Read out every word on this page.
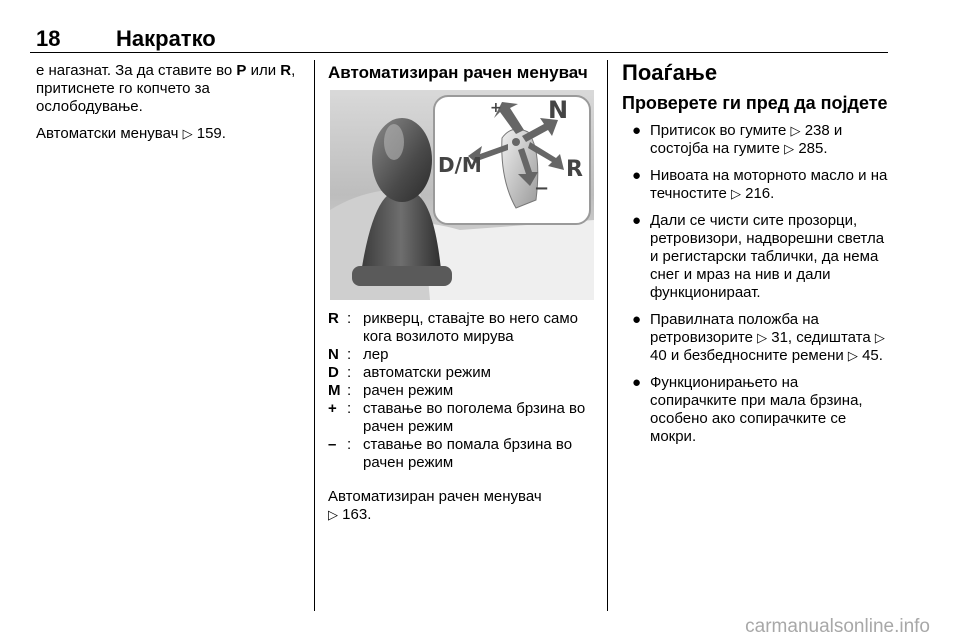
18	Накратко

е нагазнат. За да ставите во P или R, притиснете го копчето за ослободување.

Автоматски менувач ▷ 159.

Автоматизиран рачен менувач
+ N
D/M	R
−
R : рикверц, ставајте во него само кога возилото мирува
N : лер
D : автоматски режим
M : рачен режим
+ : ставање во поголема брзина во рачен режим
– : ставање во помала брзина во рачен режим

Автоматизиран рачен менувач
▷ 163.

Поаѓање
Проверете ги пред да појдете
● Притисок во гумите ▷ 238 и состојба на гумите ▷ 285.
● Нивоата на моторното масло и на течностите ▷ 216.
● Дали се чисти сите прозорци, ретровизори, надворешни светла и регистарски таблички, да нема снег и мраз на нив и дали функционираат.
● Правилната положба на ретровизорите ▷ 31, седиштата ▷ 40 и безбедносните ремени ▷ 45.
● Функционирањето на сопирачките при мала брзина, особено ако сопирачките се мокри.
carmanualsonline.info
